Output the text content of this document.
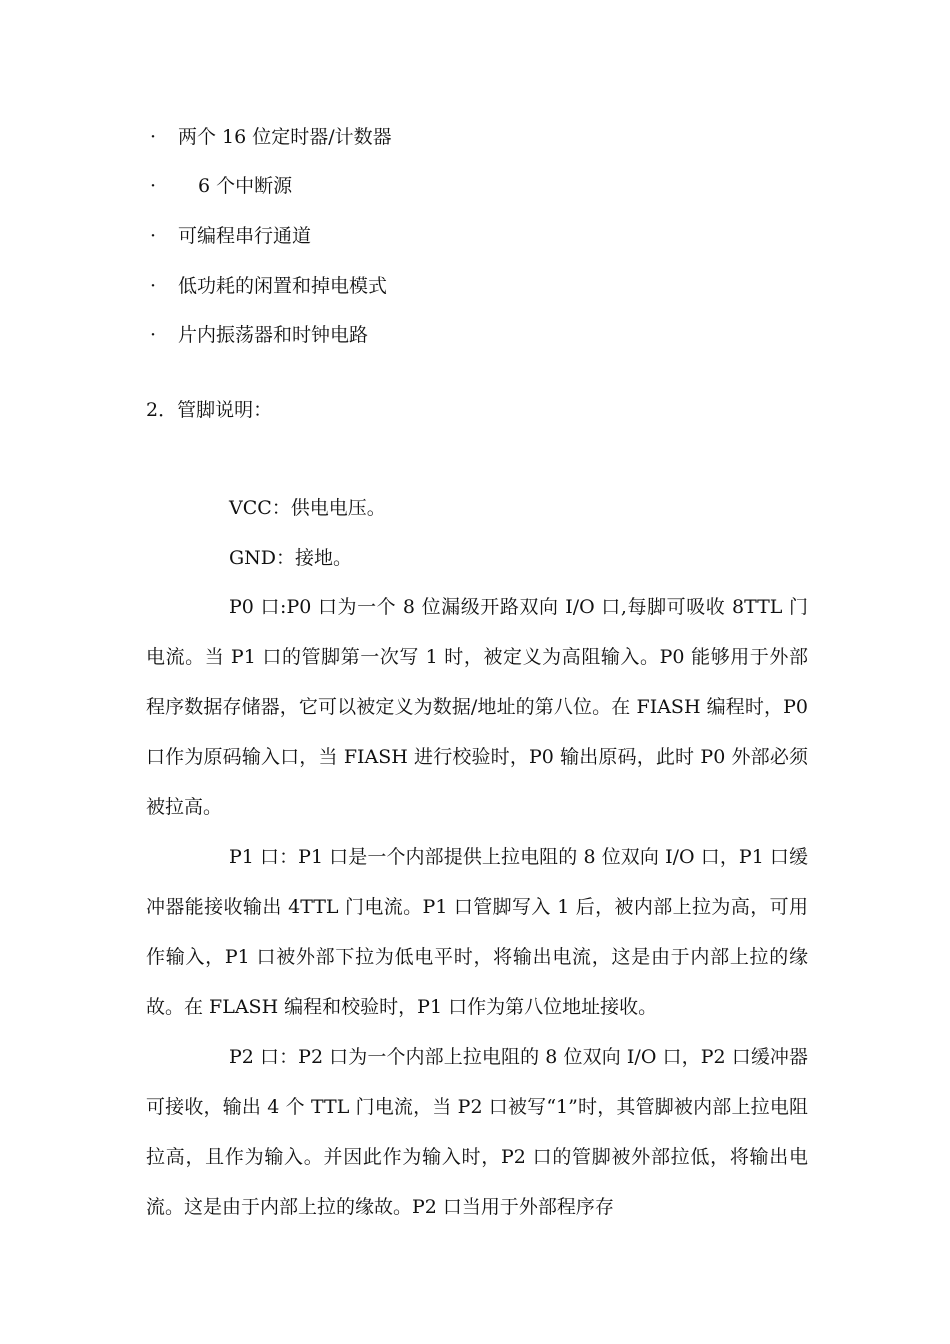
· 两个 16 位定时器/计数器
· 6 个中断源
· 可编程串行通道
· 低功耗的闲置和掉电模式
· 片内振荡器和时钟电路
2．管脚说明：
VCC：供电电压。
GND：接地。

P0 口:P0 口为一个 8 位漏级开路双向 I/O 口,每脚可吸收 8TTL 门电流。当 P1 口的管脚第一次写 1 时，被定义为高阻输入。P0 能够用于外部程序数据存储器，它可以被定义为数据/地址的第八位。在 FIASH 编程时，P0 口作为原码输入口，当 FIASH 进行校验时，P0 输出原码，此时 P0 外部必须被拉高。

P1 口：P1 口是一个内部提供上拉电阻的 8 位双向 I/O 口，P1 口缓冲器能接收输出 4TTL 门电流。P1 口管脚写入 1 后，被内部上拉为高，可用作输入，P1 口被外部下拉为低电平时，将输出电流，这是由于内部上拉的缘故。在 FLASH 编程和校验时，P1 口作为第八位地址接收。

P2 口：P2 口为一个内部上拉电阻的 8 位双向 I/O 口，P2 口缓冲器可接收，输出 4 个 TTL 门电流，当 P2 口被写“1”时，其管脚被内部上拉电阻拉高，且作为输入。并因此作为输入时，P2 口的管脚被外部拉低，将输出电流。这是由于内部上拉的缘故。P2 口当用于外部程序存
